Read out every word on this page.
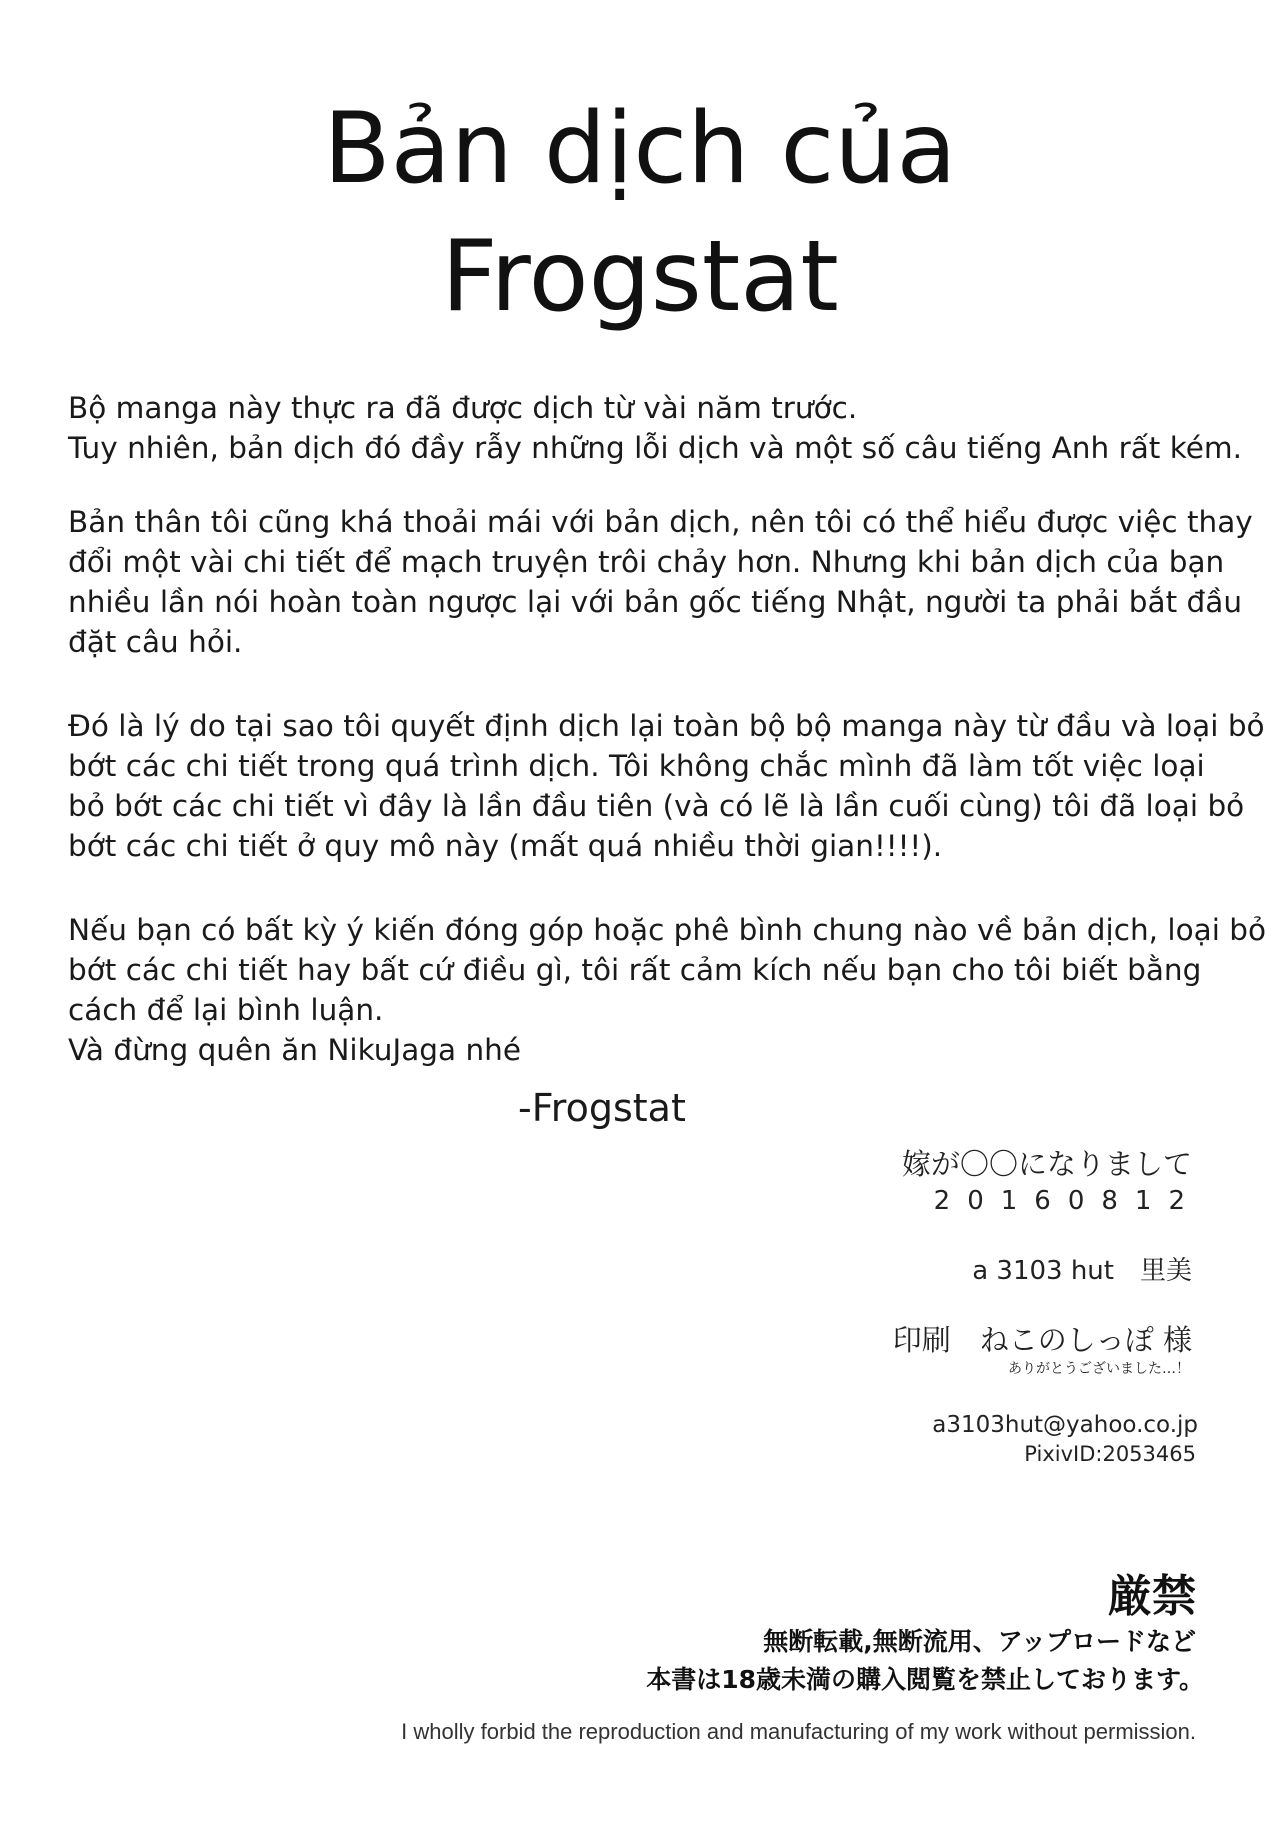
Bản dịch của
Frogstat
Bộ manga này thực ra đã được dịch từ vài năm trước.
Tuy nhiên, bản dịch đó đầy rẫy những lỗi dịch và một số câu tiếng Anh rất kém.
Bản thân tôi cũng khá thoải mái với bản dịch, nên tôi có thể hiểu được việc thay
đổi một vài chi tiết để mạch truyện trôi chảy hơn. Nhưng khi bản dịch của bạn
nhiều lần nói hoàn toàn ngược lại với bản gốc tiếng Nhật, người ta phải bắt đầu
đặt câu hỏi.
Đó là lý do tại sao tôi quyết định dịch lại toàn bộ bộ manga này từ đầu và loại bỏ
bớt các chi tiết trong quá trình dịch. Tôi không chắc mình đã làm tốt việc loại
bỏ bớt các chi tiết vì đây là lần đầu tiên (và có lẽ là lần cuối cùng) tôi đã loại bỏ
bớt các chi tiết ở quy mô này (mất quá nhiều thời gian!!!!).
Nếu bạn có bất kỳ ý kiến đóng góp hoặc phê bình chung nào về bản dịch, loại bỏ
bớt các chi tiết hay bất cứ điều gì, tôi rất cảm kích nếu bạn cho tôi biết bằng
cách để lại bình luận.
Và đừng quên ăn NikuJaga nhé
-Frogstat
嫁が〇〇になりまして
20160812
a 3103 hut　里美
印刷　ねこのしっぽ 様
ありがとうございました…！
a3103hut@yahoo.co.jp
PixivID:2053465
厳禁
無断転載,無断流用、アップロードなど
本書は18歳未満の購入閲覧を禁止しております。
I wholly forbid the reproduction and manufacturing of my work without permission.
